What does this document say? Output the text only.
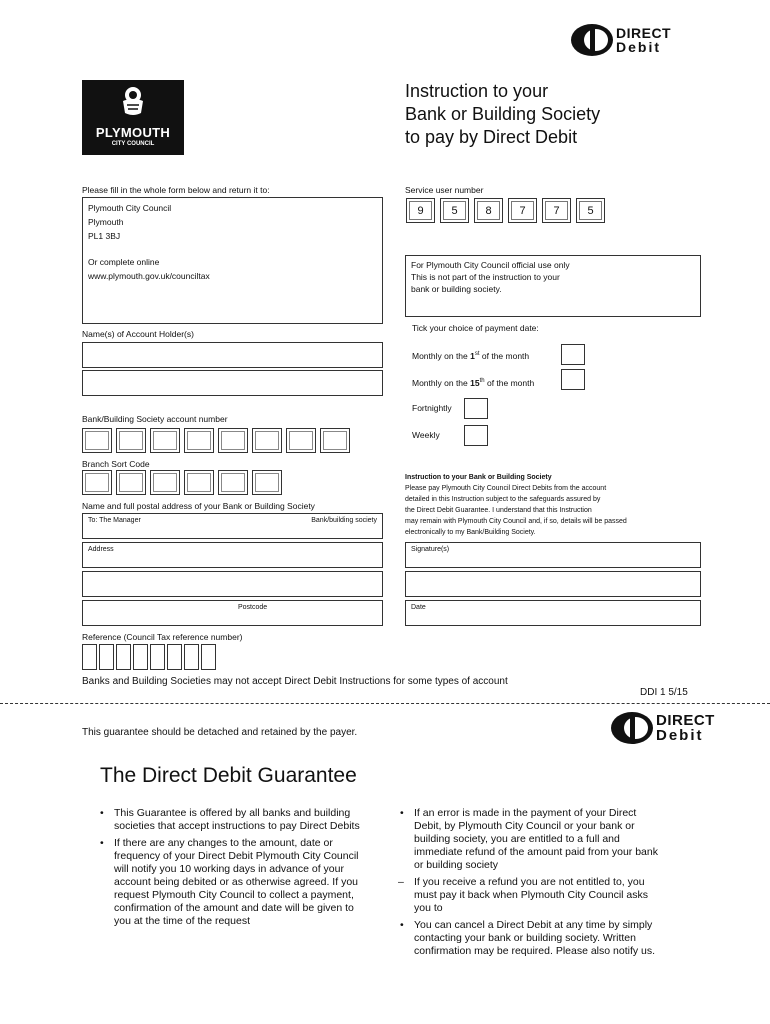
DIRECT
Debit
PLYMOUTH
CITY COUNCIL
Instruction to your
Bank or Building Society
to pay by Direct Debit
Please fill in the whole form below and return it to:
Plymouth City Council
Plymouth
PL1 3BJ
Or complete online
www.plymouth.gov.uk/counciltax
Service user number
9	5	8	7	7	5
For Plymouth City Council official use only
This is not part of the instruction to your
bank or building society.
Tick your choice of payment date:
Monthly on the 1st of the month
Monthly on the 15th of the month
Fortnightly
Weekly
Name(s) of Account Holder(s)
Bank/Building Society account number
Branch Sort Code
Name and full postal address of your Bank or Building Society
To: The Manager	Bank/building society
Address
Postcode
Instruction to your Bank or Building Society
Please pay Plymouth City Council Direct Debits from the account
detailed in this Instruction subject to the safeguards assured by
the Direct Debit Guarantee. I understand that this Instruction
may remain with Plymouth City Council and, if so, details will be passed
electronically to my Bank/Building Society.
Signature(s)
Date
Reference (Council Tax reference number)
Banks and Building Societies may not accept Direct Debit Instructions for some types of account
DDI 1 5/15
This guarantee should be detached and retained by the payer.
DIRECT
Debit
The Direct Debit Guarantee
• This Guarantee is offered by all banks and building societies that accept instructions to pay Direct Debits
• If there are any changes to the amount, date or frequency of your Direct Debit Plymouth City Council will notify you 10 working days in advance of your account being debited or as otherwise agreed. If you request Plymouth City Council to collect a payment, confirmation of the amount and date will be given to you at the time of the request
• If an error is made in the payment of your Direct Debit, by Plymouth City Council or your bank or building society, you are entitled to a full and immediate refund of the amount paid from your bank or building society
– If you receive a refund you are not entitled to, you must pay it back when Plymouth City Council asks you to
• You can cancel a Direct Debit at any time by simply contacting your bank or building society. Written confirmation may be required. Please also notify us.
